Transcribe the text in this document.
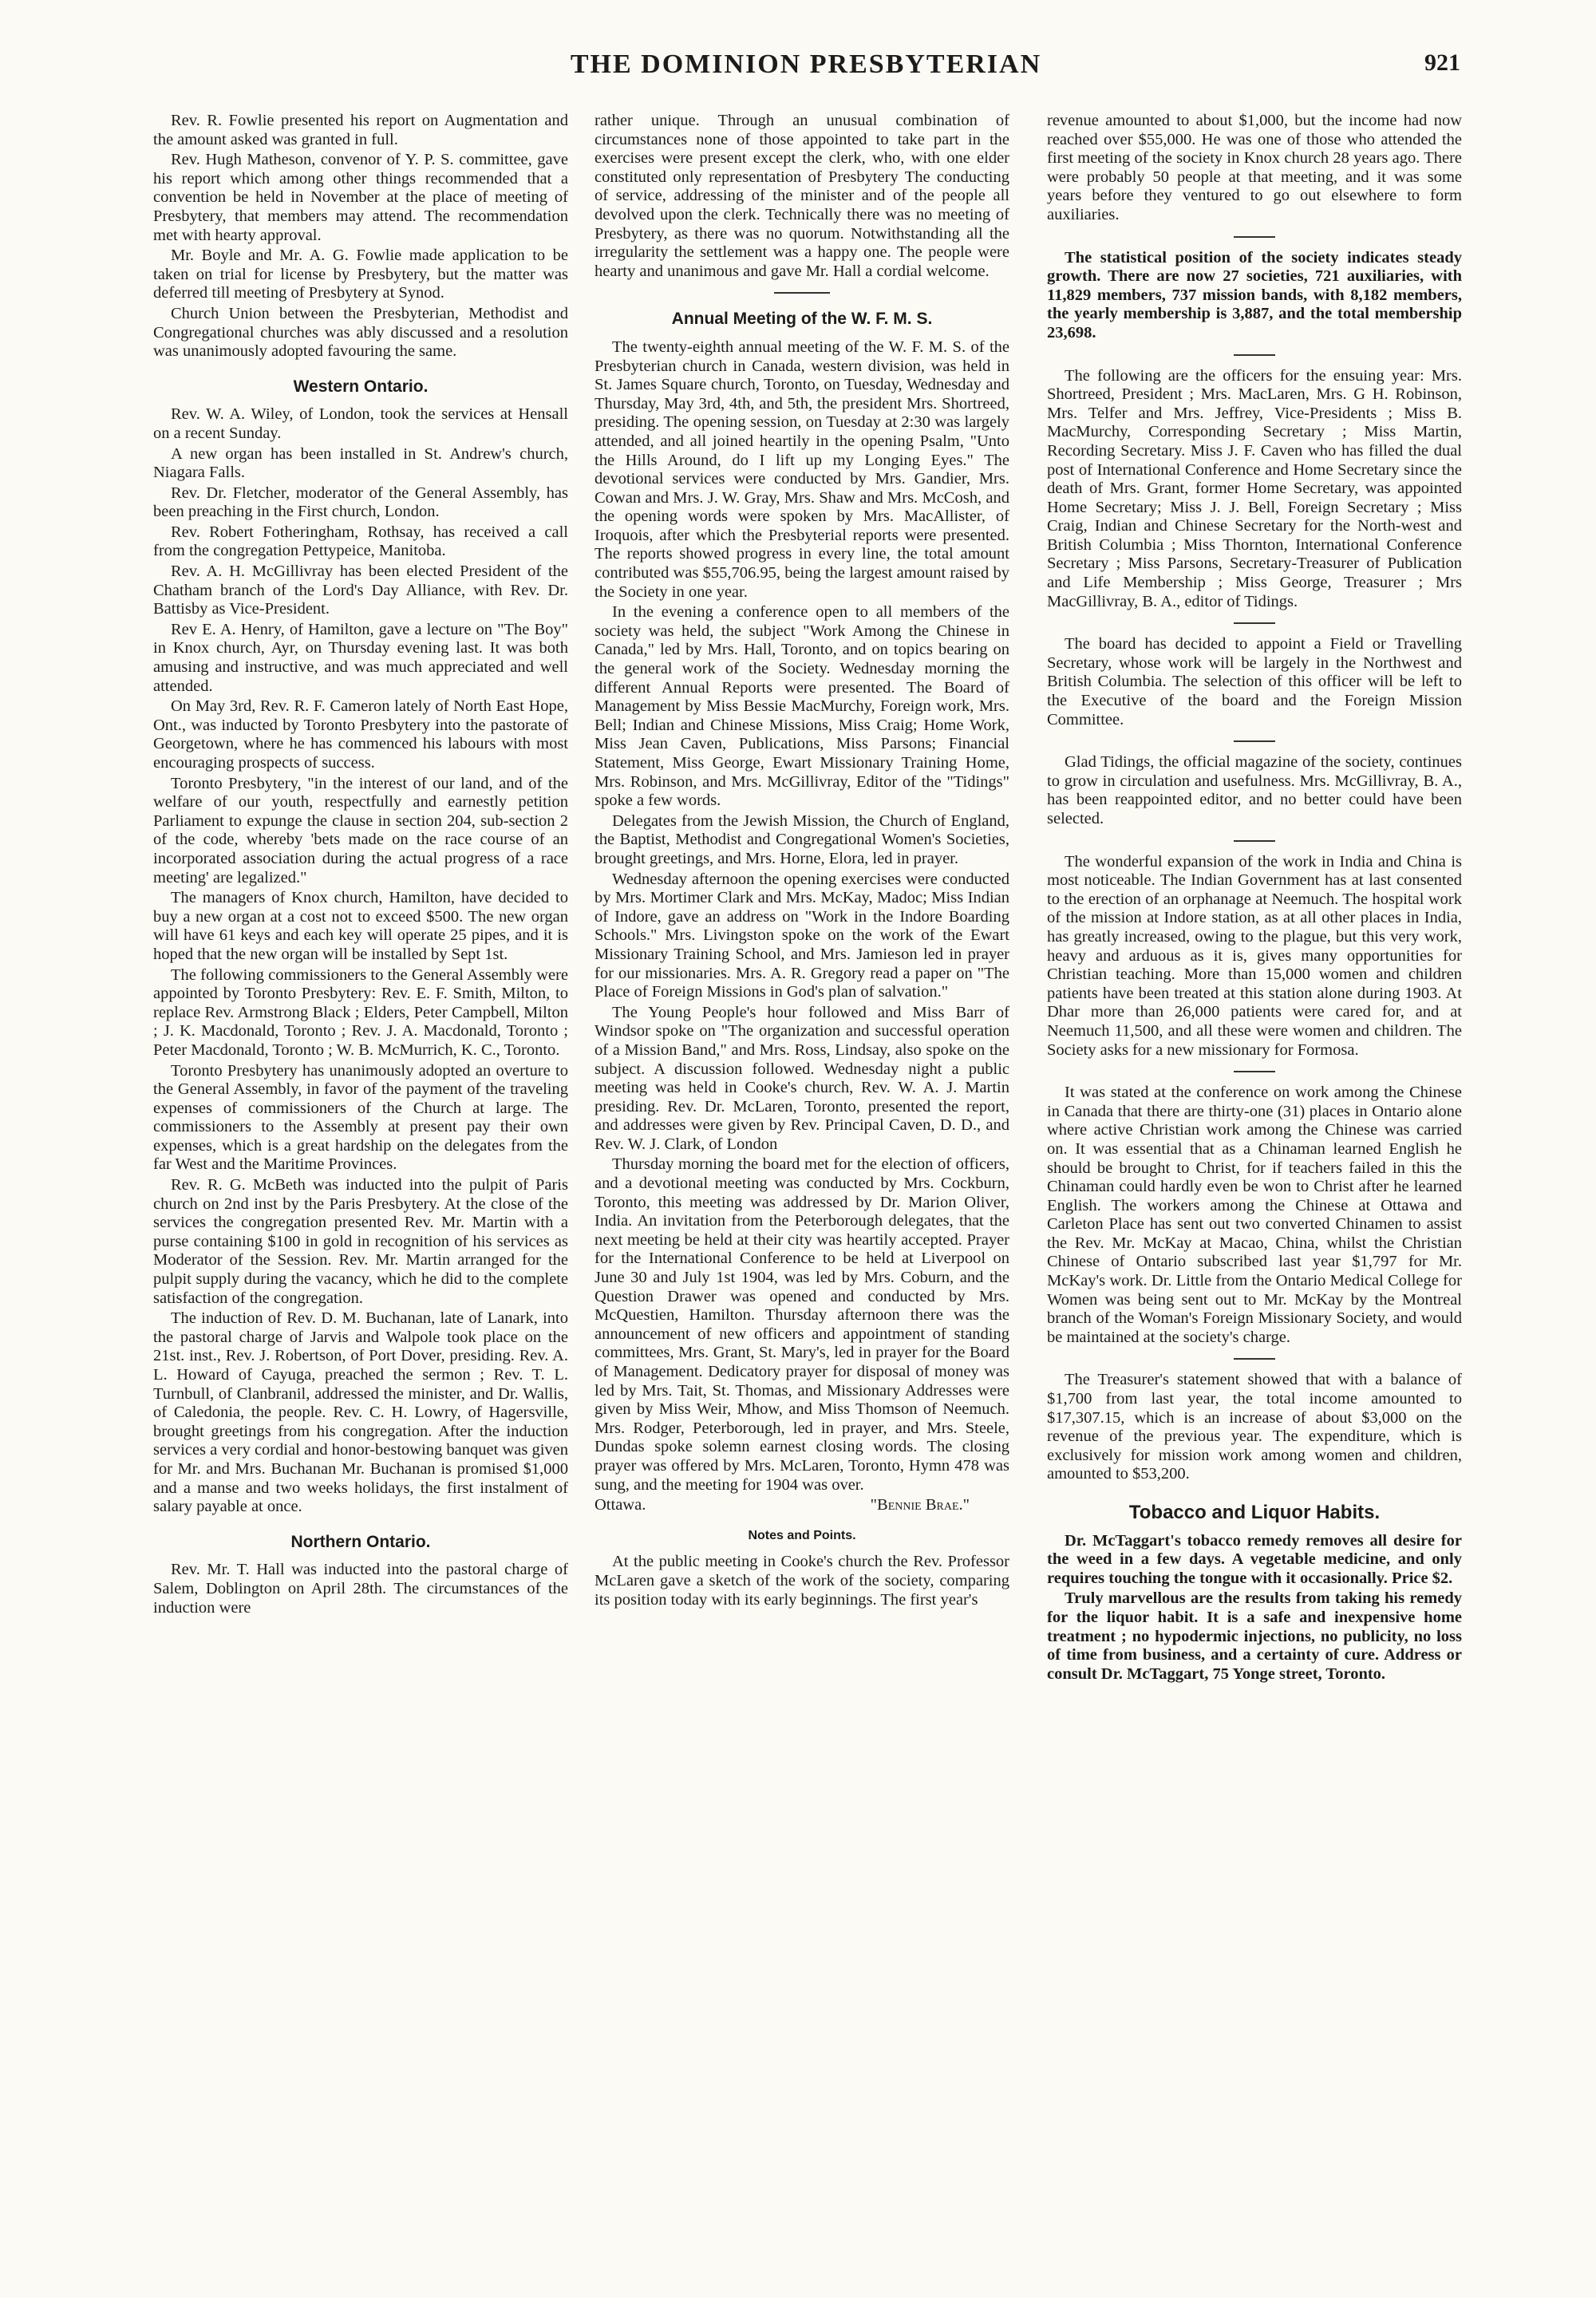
THE DOMINION PRESBYTERIAN	921

Rev. R. Fowlie presented his report on Augmentation and the amount asked was granted in full.

Rev. Hugh Matheson, convenor of Y. P. S. committee, gave his report which among other things recommended that a convention be held in November at the place of meeting of Presbytery, that members may attend. The recommendation met with hearty approval.

Mr. Boyle and Mr. A. G. Fowlie made application to be taken on trial for license by Presbytery, but the matter was deferred till meeting of Presbytery at Synod.

Church Union between the Presbyterian, Methodist and Congregational churches was ably discussed and a resolution was unanimously adopted favouring the same.

Western Ontario.

Rev. W. A. Wiley, of London, took the services at Hensall on a recent Sunday.

A new organ has been installed in St. Andrew's church, Niagara Falls.

Rev. Dr. Fletcher, moderator of the General Assembly, has been preaching in the First church, London.

Rev. Robert Fotheringham, Rothsay, has received a call from the congregation Pettypeice, Manitoba.

Rev. A. H. McGillivray has been elected President of the Chatham branch of the Lord's Day Alliance, with Rev. Dr. Battisby as Vice-President.

Rev E. A. Henry, of Hamilton, gave a lecture on "The Boy" in Knox church, Ayr, on Thursday evening last. It was both amusing and instructive, and was much appreciated and well attended.

On May 3rd, Rev. R. F. Cameron lately of North East Hope, Ont., was inducted by Toronto Presbytery into the pastorate of Georgetown, where he has commenced his labours with most encouraging prospects of success.

Toronto Presbytery, "in the interest of our land, and of the welfare of our youth, respectfully and earnestly petition Parliament to expunge the clause in section 204, sub-section 2 of the code, whereby 'bets made on the race course of an incorporated association during the actual progress of a race meeting' are legalized."

The managers of Knox church, Hamilton, have decided to buy a new organ at a cost not to exceed $500. The new organ will have 61 keys and each key will operate 25 pipes, and it is hoped that the new organ will be installed by Sept 1st.

The following commissioners to the General Assembly were appointed by Toronto Presbytery: Rev. E. F. Smith, Milton, to replace Rev. Armstrong Black ; Elders, Peter Campbell, Milton ; J. K. Macdonald, Toronto ; Rev. J. A. Macdonald, Toronto ; Peter Macdonald, Toronto ; W. B. McMurrich, K. C., Toronto.

Toronto Presbytery has unanimously adopted an overture to the General Assembly, in favor of the payment of the traveling expenses of commissioners of the Church at large. The commissioners to the Assembly at present pay their own expenses, which is a great hardship on the delegates from the far West and the Maritime Provinces.

Rev. R. G. McBeth was inducted into the pulpit of Paris church on 2nd inst by the Paris Presbytery. At the close of the services the congregation presented Rev. Mr. Martin with a purse containing $100 in gold in recognition of his services as Moderator of the Session. Rev. Mr. Martin arranged for the pulpit supply during the vacancy, which he did to the complete satisfaction of the congregation.

The induction of Rev. D. M. Buchanan, late of Lanark, into the pastoral charge of Jarvis and Walpole took place on the 21st. inst., Rev. J. Robertson, of Port Dover, presiding. Rev. A. L. Howard of Cayuga, preached the sermon ; Rev. T. L. Turnbull, of Clanbranil, addressed the minister, and Dr. Wallis, of Caledonia, the people. Rev. C. H. Lowry, of Hagersville, brought greetings from his congregation. After the induction services a very cordial and honor-bestowing banquet was given for Mr. and Mrs. Buchanan Mr. Buchanan is promised $1,000 and a manse and two weeks holidays, the first instalment of salary payable at once.

Northern Ontario.

Rev. Mr. T. Hall was inducted into the pastoral charge of Salem, Doblington on April 28th. The circumstances of the induction were

rather unique. Through an unusual combination of circumstances none of those appointed to take part in the exercises were present except the clerk, who, with one elder constituted only representation of Presbytery The conducting of service, addressing of the minister and of the people all devolved upon the clerk. Technically there was no meeting of Presbytery, as there was no quorum. Notwithstanding all the irregularity the settlement was a happy one. The people were hearty and unanimous and gave Mr. Hall a cordial welcome.

Annual Meeting of the W. F. M. S.

The twenty-eighth annual meeting of the W. F. M. S. of the Presbyterian church in Canada, western division, was held in St. James Square church, Toronto, on Tuesday, Wednesday and Thursday, May 3rd, 4th, and 5th, the president Mrs. Shortreed, presiding. The opening session, on Tuesday at 2:30 was largely attended, and all joined heartily in the opening Psalm, "Unto the Hills Around, do I lift up my Longing Eyes." The devotional services were conducted by Mrs. Gandier, Mrs. Cowan and Mrs. J. W. Gray, Mrs. Shaw and Mrs. McCosh, and the opening words were spoken by Mrs. MacAllister, of Iroquois, after which the Presbyterial reports were presented. The reports showed progress in every line, the total amount contributed was $55,706.95, being the largest amount raised by the Society in one year.

In the evening a conference open to all members of the society was held, the subject "Work Among the Chinese in Canada," led by Mrs. Hall, Toronto, and on topics bearing on the general work of the Society. Wednesday morning the different Annual Reports were presented. The Board of Management by Miss Bessie MacMurchy, Foreign work, Mrs. Bell; Indian and Chinese Missions, Miss Craig; Home Work, Miss Jean Caven, Publications, Miss Parsons; Financial Statement, Miss George, Ewart Missionary Training Home, Mrs. Robinson, and Mrs. McGillivray, Editor of the "Tidings" spoke a few words.

Delegates from the Jewish Mission, the Church of England, the Baptist, Methodist and Congregational Women's Societies, brought greetings, and Mrs. Horne, Elora, led in prayer.

Wednesday afternoon the opening exercises were conducted by Mrs. Mortimer Clark and Mrs. McKay, Madoc; Miss Indian of Indore, gave an address on "Work in the Indore Boarding Schools." Mrs. Livingston spoke on the work of the Ewart Missionary Training School, and Mrs. Jamieson led in prayer for our missionaries. Mrs. A. R. Gregory read a paper on "The Place of Foreign Missions in God's plan of salvation."

The Young People's hour followed and Miss Barr of Windsor spoke on "The organization and successful operation of a Mission Band," and Mrs. Ross, Lindsay, also spoke on the subject. A discussion followed. Wednesday night a public meeting was held in Cooke's church, Rev. W. A. J. Martin presiding. Rev. Dr. McLaren, Toronto, presented the report, and addresses were given by Rev. Principal Caven, D. D., and Rev. W. J. Clark, of London

Thursday morning the board met for the election of officers, and a devotional meeting was conducted by Mrs. Cockburn, Toronto, this meeting was addressed by Dr. Marion Oliver, India. An invitation from the Peterborough delegates, that the next meeting be held at their city was heartily accepted. Prayer for the International Conference to be held at Liverpool on June 30 and July 1st 1904, was led by Mrs. Coburn, and the Question Drawer was opened and conducted by Mrs. McQuestien, Hamilton. Thursday afternoon there was the announcement of new officers and appointment of standing committees, Mrs. Grant, St. Mary's, led in prayer for the Board of Management. Dedicatory prayer for disposal of money was led by Mrs. Tait, St. Thomas, and Missionary Addresses were given by Miss Weir, Mhow, and Miss Thomson of Neemuch. Mrs. Rodger, Peterborough, led in prayer, and Mrs. Steele, Dundas spoke solemn earnest closing words. The closing prayer was offered by Mrs. McLaren, Toronto, Hymn 478 was sung, and the meeting for 1904 was over.

Ottawa.	"Bennie Brae."

Notes and Points.

At the public meeting in Cooke's church the Rev. Professor McLaren gave a sketch of the work of the society, comparing its position today with its early beginnings. The first year's

revenue amounted to about $1,000, but the income had now reached over $55,000. He was one of those who attended the first meeting of the society in Knox church 28 years ago. There were probably 50 people at that meeting, and it was some years before they ventured to go out elsewhere to form auxiliaries.

The statistical position of the society indicates steady growth. There are now 27 societies, 721 auxiliaries, with 11,829 members, 737 mission bands, with 8,182 members, the yearly membership is 3,887, and the total membership 23,698.

The following are the officers for the ensuing year: Mrs. Shortreed, President ; Mrs. MacLaren, Mrs. G H. Robinson, Mrs. Telfer and Mrs. Jeffrey, Vice-Presidents ; Miss B. MacMurchy, Corresponding Secretary ; Miss Martin, Recording Secretary. Miss J. F. Caven who has filled the dual post of International Conference and Home Secretary since the death of Mrs. Grant, former Home Secretary, was appointed Home Secretary; Miss J. J. Bell, Foreign Secretary ; Miss Craig, Indian and Chinese Secretary for the North-west and British Columbia ; Miss Thornton, International Conference Secretary ; Miss Parsons, Secretary-Treasurer of Publication and Life Membership ; Miss George, Treasurer ; Mrs MacGillivray, B. A., editor of Tidings.

The board has decided to appoint a Field or Travelling Secretary, whose work will be largely in the Northwest and British Columbia. The selection of this officer will be left to the Executive of the board and the Foreign Mission Committee.

Glad Tidings, the official magazine of the society, continues to grow in circulation and usefulness. Mrs. McGillivray, B. A., has been reappointed editor, and no better could have been selected.

The wonderful expansion of the work in India and China is most noticeable. The Indian Government has at last consented to the erection of an orphanage at Neemuch. The hospital work of the mission at Indore station, as at all other places in India, has greatly increased, owing to the plague, but this very work, heavy and arduous as it is, gives many opportunities for Christian teaching. More than 15,000 women and children patients have been treated at this station alone during 1903. At Dhar more than 26,000 patients were cared for, and at Neemuch 11,500, and all these were women and children. The Society asks for a new missionary for Formosa.

It was stated at the conference on work among the Chinese in Canada that there are thirty-one (31) places in Ontario alone where active Christian work among the Chinese was carried on. It was essential that as a Chinaman learned English he should be brought to Christ, for if teachers failed in this the Chinaman could hardly even be won to Christ after he learned English. The workers among the Chinese at Ottawa and Carleton Place has sent out two converted Chinamen to assist the Rev. Mr. McKay at Macao, China, whilst the Christian Chinese of Ontario subscribed last year $1,797 for Mr. McKay's work. Dr. Little from the Ontario Medical College for Women was being sent out to Mr. McKay by the Montreal branch of the Woman's Foreign Missionary Society, and would be maintained at the society's charge.

The Treasurer's statement showed that with a balance of $1,700 from last year, the total income amounted to $17,307.15, which is an increase of about $3,000 on the revenue of the previous year. The expenditure, which is exclusively for mission work among women and children, amounted to $53,200.

Tobacco and Liquor Habits.

Dr. McTaggart's tobacco remedy removes all desire for the weed in a few days. A vegetable medicine, and only requires touching the tongue with it occasionally. Price $2.

Truly marvellous are the results from taking his remedy for the liquor habit. It is a safe and inexpensive home treatment ; no hypodermic injections, no publicity, no loss of time from business, and a certainty of cure. Address or consult Dr. McTaggart, 75 Yonge street, Toronto.
